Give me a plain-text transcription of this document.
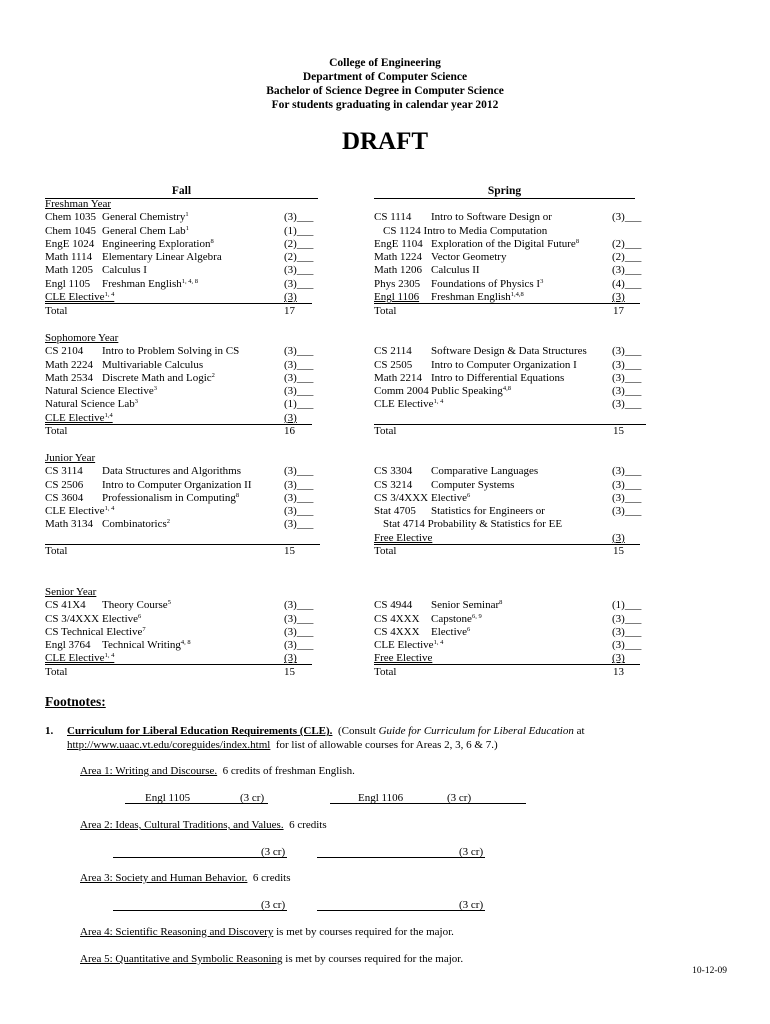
College of Engineering
Department of Computer Science
Bachelor of Science Degree in Computer Science
For students graduating in calendar year 2012
DRAFT
Fall	Spring
Freshman Year
Chem 1035 General Chemistry$^1$	(3)___
Chem 1045 General Chem Lab$^1$	(1)___
EngE 1024 Engineering Exploration$^8$	(2)___
Math 1114 Elementary Linear Algebra	(2)___
Math 1205 Calculus I	(3)___
Engl 1105 Freshman English$^{1, 4, 8}$	(3)___
CLE Elective$^{1, 4}$	(3)
CS 1114 Intro to Software Design or	(3)___
CS 1124 Intro to Media Computation
EngE 1104 Exploration of the Digital Future$^8$	(2)___
Math 1224 Vector Geometry	(2)___
Math 1206 Calculus II	(3)___
Phys 2305 Foundations of Physics $I^3$	(4)___
Engl 1106 Freshman English$^{1,4,8}$	(3)
Total	17	Total	17
Sophomore Year
CS 2104 Intro to Problem Solving in CS	(3)___
Math 2224 Multivariable Calculus	(3)___
Math 2534 Discrete Math and Logic$^2$	(3)___
Natural Science Elective$^3$	(3)___
Natural Science Lab$^3$	(1)___
CLE Elective$^{1,4}$	(3)
CS 2114 Software Design & Data Structures (3)___
CS 2505 Intro to Computer Organization I	(3)___
Math 2214 Intro to Differential Equations	(3)___
Comm 2004 Public Speaking$^{4,8}$	(3)___
CLE Elective$^{1, 4}$	(3)___
Total	16	Total	15
Junior Year
CS 3114 Data Structures and Algorithms	(3)___
CS 2506 Intro to Computer Organization II	(3)___
CS 3604 Professionalism in Computing$^8$	(3)___
CLE Elective$^{1, 4}$	(3)___
Math 3134 Combinatorics$^2$	(3)___
CS 3304 Comparative Languages	(3)___
CS 3214 Computer Systems	(3)___
CS 3/4XXX Elective$^6$	(3)___
Stat 4705 Statistics for Engineers or	(3)___
Stat 4714 Probability & Statistics for EE
Free Elective	(3)
Total	15	Total	15
Senior Year
CS 41X4 Theory Course$^5$	(3)___
CS 3/4XXX Elective$^6$	(3)___
CS Technical Elective$^7$	(3)___
Engl 3764 Technical Writing$^{4, 8}$	(3)___
CLE Elective$^{1, 4}$	(3)
CS 4944 Senior Seminar$^8$	(1)___
CS 4XXX Capstone$^{6, 9}$	(3)___
CS 4XXX Elective$^6$	(3)___
CLE Elective$^{1, 4}$	(3)___
Free Elective	(3)
Total	15	Total	13
Footnotes:
1. Curriculum for Liberal Education Requirements (CLE). (Consult Guide for Curriculum for Liberal Education at
http://www.uaac.vt.edu/coreguides/index.html for list of allowable courses for Areas 2, 3, 6 & 7.)
Area 1: Writing and Discourse. 6 credits of freshman English.
Engl 1105	(3 cr)	Engl 1106	(3 cr)
Area 2: Ideas, Cultural Traditions, and Values. 6 credits
(3 cr)	(3 cr)
Area 3: Society and Human Behavior. 6 credits
(3 cr)	(3 cr)
Area 4: Scientific Reasoning and Discovery is met by courses required for the major.
Area 5: Quantitative and Symbolic Reasoning is met by courses required for the major.
10-12-09
